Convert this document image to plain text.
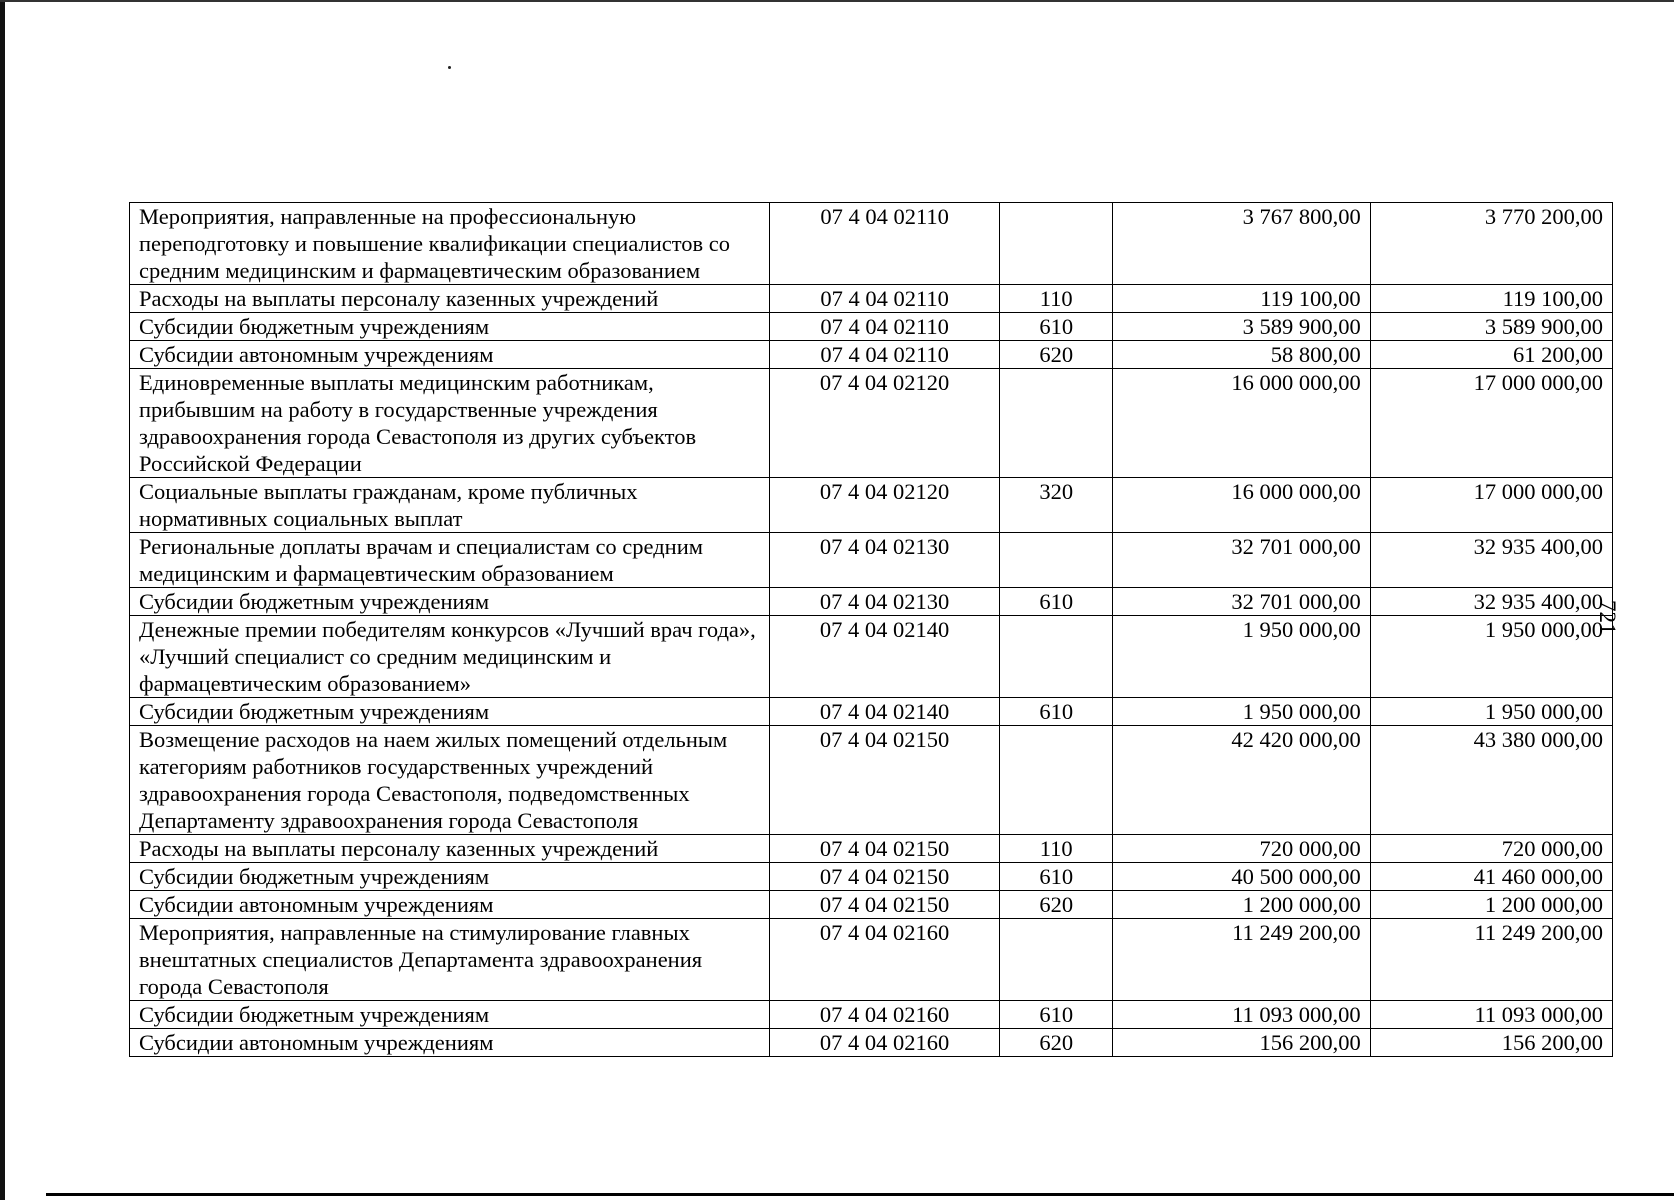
Мероприятия, направленные на профессиональную переподготовку и повышение квалификации специалистов со средним медицинским и фармацевтическим образованием	07 4 04 02110		3 767 800,00	3 770 200,00
Расходы на выплаты персоналу казенных учреждений	07 4 04 02110	110	119 100,00	119 100,00
Субсидии бюджетным учреждениям	07 4 04 02110	610	3 589 900,00	3 589 900,00
Субсидии автономным учреждениям	07 4 04 02110	620	58 800,00	61 200,00
Единовременные выплаты медицинским работникам, прибывшим на работу в государственные учреждения здравоохранения города Севастополя из других субъектов Российской Федерации	07 4 04 02120		16 000 000,00	17 000 000,00
Социальные выплаты гражданам, кроме публичных нормативных социальных выплат	07 4 04 02120	320	16 000 000,00	17 000 000,00
Региональные доплаты врачам и специалистам со средним медицинским и фармацевтическим образованием	07 4 04 02130		32 701 000,00	32 935 400,00
Субсидии бюджетным учреждениям	07 4 04 02130	610	32 701 000,00	32 935 400,00
Денежные премии победителям конкурсов «Лучший врач года», «Лучший специалист со средним медицинским и фармацевтическим образованием»	07 4 04 02140		1 950 000,00	1 950 000,00
Субсидии бюджетным учреждениям	07 4 04 02140	610	1 950 000,00	1 950 000,00
Возмещение расходов на наем жилых помещений отдельным категориям работников государственных учреждений здравоохранения города Севастополя, подведомственных Департаменту здравоохранения города Севастополя	07 4 04 02150		42 420 000,00	43 380 000,00
Расходы на выплаты персоналу казенных учреждений	07 4 04 02150	110	720 000,00	720 000,00
Субсидии бюджетным учреждениям	07 4 04 02150	610	40 500 000,00	41 460 000,00
Субсидии автономным учреждениям	07 4 04 02150	620	1 200 000,00	1 200 000,00
Мероприятия, направленные на стимулирование главных внештатных специалистов Департамента здравоохранения города Севастополя	07 4 04 02160		11 249 200,00	11 249 200,00
Субсидии бюджетным учреждениям	07 4 04 02160	610	11 093 000,00	11 093 000,00
Субсидии автономным учреждениям	07 4 04 02160	620	156 200,00	156 200,00
721
